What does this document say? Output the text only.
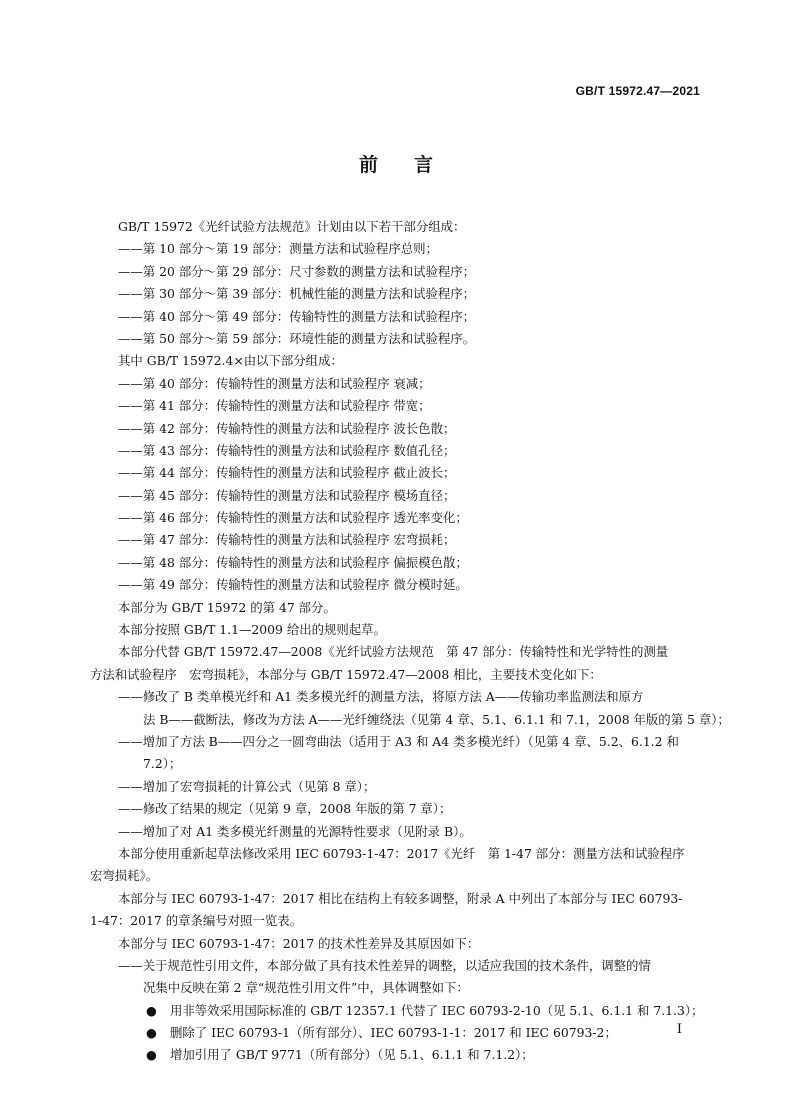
GB/T 15972.47—2021
前 言
GB/T 15972《光纤试验方法规范》计划由以下若干部分组成：
——第 10 部分～第 19 部分：测量方法和试验程序总则；
——第 20 部分～第 29 部分：尺寸参数的测量方法和试验程序；
——第 30 部分～第 39 部分：机械性能的测量方法和试验程序；
——第 40 部分～第 49 部分：传输特性的测量方法和试验程序；
——第 50 部分～第 59 部分：环境性能的测量方法和试验程序。
其中 GB/T 15972.4×由以下部分组成：
——第 40 部分：传输特性的测量方法和试验程序 衰减；
——第 41 部分：传输特性的测量方法和试验程序 带宽；
——第 42 部分：传输特性的测量方法和试验程序 波长色散；
——第 43 部分：传输特性的测量方法和试验程序 数值孔径；
——第 44 部分：传输特性的测量方法和试验程序 截止波长；
——第 45 部分：传输特性的测量方法和试验程序 模场直径；
——第 46 部分：传输特性的测量方法和试验程序 透光率变化；
——第 47 部分：传输特性的测量方法和试验程序 宏弯损耗；
——第 48 部分：传输特性的测量方法和试验程序 偏振模色散；
——第 49 部分：传输特性的测量方法和试验程序 微分模时延。
本部分为 GB/T 15972 的第 47 部分。
本部分按照 GB/T 1.1—2009 给出的规则起草。
本部分代替 GB/T 15972.47—2008《光纤试验方法规范　第 47 部分：传输特性和光学特性的测量
方法和试验程序　宏弯损耗》，本部分与 GB/T 15972.47—2008 相比，主要技术变化如下：
——修改了 B 类单模光纤和 A1 类多模光纤的测量方法，将原方法 A——传输功率监测法和原方
法 B——截断法，修改为方法 A——光纤缠绕法（见第 4 章、5.1、6.1.1 和 7.1，2008 年版的第 5 章）；
——增加了方法 B——四分之一圆弯曲法（适用于 A3 和 A4 类多模光纤）（见第 4 章、5.2、6.1.2 和
7.2）；
——增加了宏弯损耗的计算公式（见第 8 章）；
——修改了结果的规定（见第 9 章，2008 年版的第 7 章）；
——增加了对 A1 类多模光纤测量的光源特性要求（见附录 B）。
本部分使用重新起草法修改采用 IEC 60793-1-47：2017《光纤　第 1-47 部分：测量方法和试验程序
宏弯损耗》。
本部分与 IEC 60793-1-47：2017 相比在结构上有较多调整，附录 A 中列出了本部分与 IEC 60793-
1-47：2017 的章条编号对照一览表。
本部分与 IEC 60793-1-47：2017 的技术性差异及其原因如下：
——关于规范性引用文件，本部分做了具有技术性差异的调整，以适应我国的技术条件，调整的情
况集中反映在第 2 章“规范性引用文件”中，具体调整如下：
● 用非等效采用国际标准的 GB/T 12357.1 代替了 IEC 60793-2-10（见 5.1、6.1.1 和 7.1.3）；
● 删除了 IEC 60793-1（所有部分）、IEC 60793-1-1：2017 和 IEC 60793-2；
● 增加引用了 GB/T 9771（所有部分）（见 5.1、6.1.1 和 7.1.2）；
I
